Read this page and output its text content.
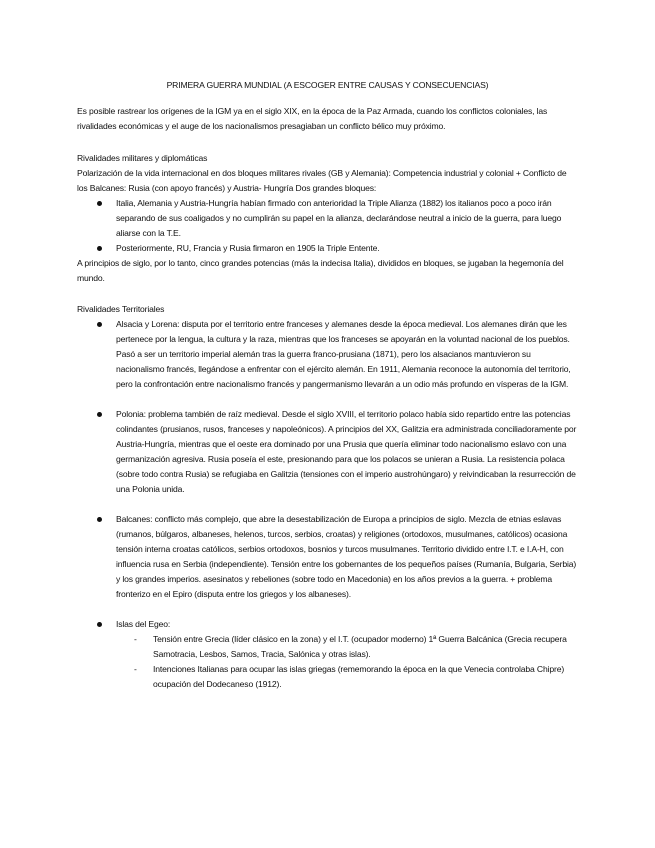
PRIMERA GUERRA MUNDIAL (A ESCOGER ENTRE CAUSAS Y CONSECUENCIAS)

Es posible rastrear los orígenes de la IGM ya en el siglo XIX, en la época de la Paz Armada, cuando los conflictos coloniales, las rivalidades económicas y el auge de los nacionalismos presagiaban un conflicto bélico muy próximo.

Rivalidades militares y diplomáticas

Polarización de la vida internacional en dos bloques militares rivales (GB y Alemania): Competencia industrial y colonial + Conflicto de los Balcanes: Rusia (con apoyo francés) y Austria- Hungría Dos grandes bloques:

Italia, Alemania y Austria-Hungría habían firmado con anterioridad la Triple Alianza (1882) los italianos poco a poco irán separando de sus coaligados y no cumplirán su papel en la alianza, declarándose neutral a inicio de la guerra, para luego aliarse con la T.E.
Posteriormente, RU, Francia y Rusia firmaron en 1905 la Triple Entente.

A principios de siglo, por lo tanto, cinco grandes potencias (más la indecisa Italia), divididos en bloques, se jugaban la hegemonía del mundo.

Rivalidades Territoriales
Alsacia y Lorena: disputa por el territorio entre franceses y alemanes desde la época medieval. Los alemanes dirán que les pertenece por la lengua, la cultura y la raza, mientras que los franceses se apoyarán en la voluntad nacional de los pueblos. Pasó a ser un territorio imperial alemán tras la guerra franco-prusiana (1871), pero los alsacianos mantuvieron su nacionalismo francés, llegándose a enfrentar con el ejército alemán. En 1911, Alemania reconoce la autonomía del territorio, pero la confrontación entre nacionalismo francés y pangermanismo llevarán a un odio más profundo en vísperas de la IGM.
Polonia: problema también de raíz medieval. Desde el siglo XVIII, el territorio polaco había sido repartido entre las potencias colindantes (prusianos, rusos, franceses y napoleónicos). A principios del XX, Galitzia era administrada conciliadoramente por Austria-Hungría, mientras que el oeste era dominado por una Prusia que quería eliminar todo nacionalismo eslavo con una germanización agresiva. Rusia poseía el este, presionando para que los polacos se unieran a Rusia. La resistencia polaca (sobre todo contra Rusia) se refugiaba en Galitzia (tensiones con el imperio austrohúngaro) y reivindicaban la resurrección de una Polonia unida.
Balcanes: conflicto más complejo, que abre la desestabilización de Europa a principios de siglo. Mezcla de etnias eslavas (rumanos, búlgaros, albaneses, helenos, turcos, serbios, croatas) y religiones (ortodoxos, musulmanes, católicos) ocasiona tensión interna croatas católicos, serbios ortodoxos, bosnios y turcos musulmanes. Territorio dividido entre I.T. e I.A-H, con influencia rusa en Serbia (independiente). Tensión entre los gobernantes de los pequeños países (Rumanía, Bulgaria, Serbia) y los grandes imperios. asesinatos y rebeliones (sobre todo en Macedonia) en los años previos a la guerra. + problema fronterizo en el Epiro (disputa entre los griegos y los albaneses).
Islas del Egeo:
- Tensión entre Grecia (líder clásico en la zona) y el I.T. (ocupador moderno) 1ª Guerra Balcánica (Grecia recupera Samotracia, Lesbos, Samos, Tracia, Salónica y otras islas).
- Intenciones Italianas para ocupar las islas griegas (rememorando la época en la que Venecia controlaba Chipre) ocupación del Dodecaneso (1912).
